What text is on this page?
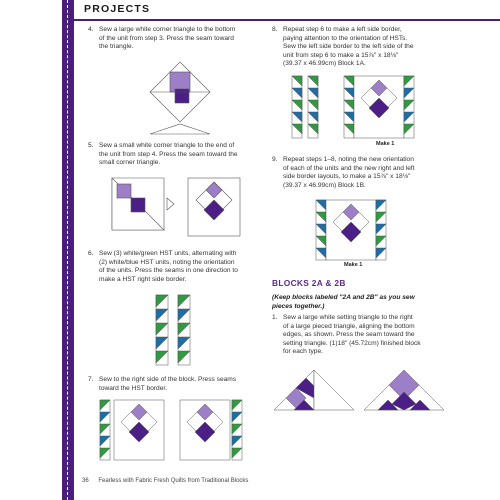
PROJECTS
4. Sew a large white corner triangle to the bottom
of the unit from step 3. Press the seam toward
the triangle.
5. Sew a small white corner triangle to the end of
the unit from step 4. Press the seam toward the
small corner triangle.
6. Sew (3) white/green HST units, alternating with
(2) white/blue HST units, noting the orientation
of the units. Press the seams in one direction to
make a HST right side border.
7. Sew to the right side of the block. Press seams
toward the HST border.
8. Repeat step 6 to make a left side border,
paying attention to the orientation of HSTs.
Sew the left side border to the left side of the
unit from step 6 to make a 15⅞" x 18⅛"
(39.37 x 46.99cm) Block 1A.
Make 1
9. Repeat steps 1–8, noting the new orientation
of each of the units and the new right and left
side border layouts, to make a 15⅞" x 18⅛"
(39.37 x 46.99cm) Block 1B.
Make 1
BLOCKS 2A & 2B
(Keep blocks labeled "2A and 2B" as you sew
pieces together.)
1. Sew a large white setting triangle to the right
of a large pieced triangle, aligning the bottom
edges, as shown. Press the seam toward the
setting triangle. (1)18" (45.72cm) finished block
for each type.
36 Fearless with Fabric Fresh Quilts from Traditional Blocks
